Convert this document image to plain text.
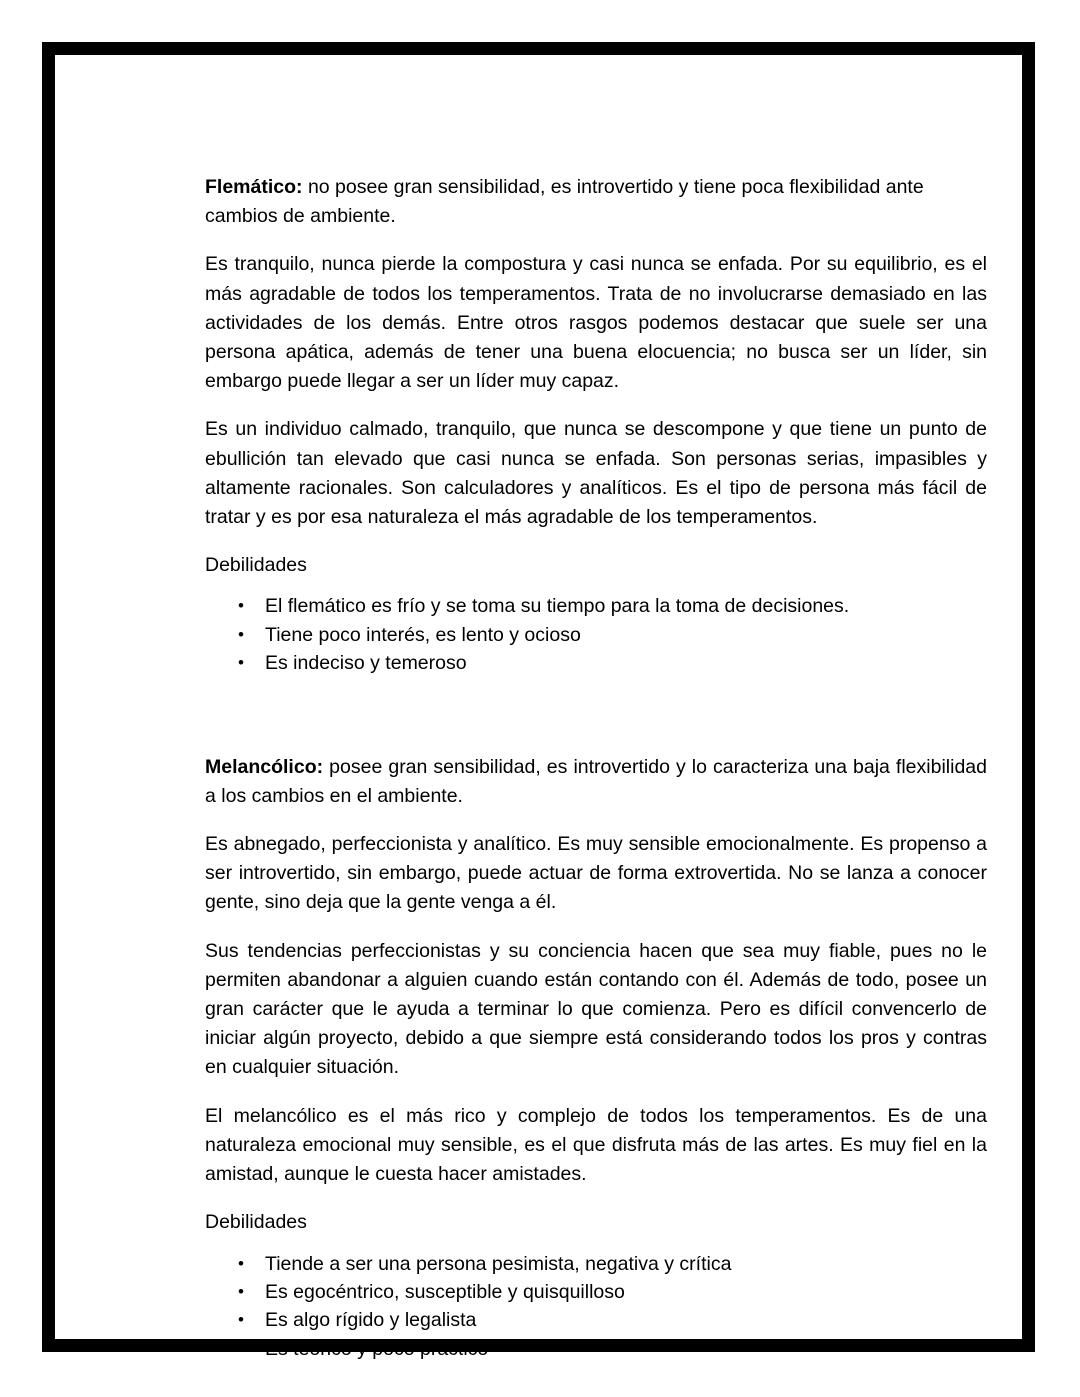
Flemático: no posee gran sensibilidad, es introvertido y tiene poca flexibilidad ante cambios de ambiente.

Es tranquilo, nunca pierde la compostura y casi nunca se enfada. Por su equilibrio, es el más agradable de todos los temperamentos. Trata de no involucrarse demasiado en las actividades de los demás. Entre otros rasgos podemos destacar que suele ser una persona apática, además de tener una buena elocuencia; no busca ser un líder, sin embargo puede llegar a ser un líder muy capaz.

Es un individuo calmado, tranquilo, que nunca se descompone y que tiene un punto de ebullición tan elevado que casi nunca se enfada. Son personas serias, impasibles y altamente racionales. Son calculadores y analíticos. Es el tipo de persona más fácil de tratar y es por esa naturaleza el más agradable de los temperamentos.

Debilidades

• El flemático es frío y se toma su tiempo para la toma de decisiones.
• Tiene poco interés, es lento y ocioso
• Es indeciso y temeroso

Melancólico: posee gran sensibilidad, es introvertido y lo caracteriza una baja flexibilidad a los cambios en el ambiente.

Es abnegado, perfeccionista y analítico. Es muy sensible emocionalmente. Es propenso a ser introvertido, sin embargo, puede actuar de forma extrovertida. No se lanza a conocer gente, sino deja que la gente venga a él.

Sus tendencias perfeccionistas y su conciencia hacen que sea muy fiable, pues no le permiten abandonar a alguien cuando están contando con él. Además de todo, posee un gran carácter que le ayuda a terminar lo que comienza. Pero es difícil convencerlo de iniciar algún proyecto, debido a que siempre está considerando todos los pros y contras en cualquier situación.

El melancólico es el más rico y complejo de todos los temperamentos. Es de una naturaleza emocional muy sensible, es el que disfruta más de las artes. Es muy fiel en la amistad, aunque le cuesta hacer amistades.

Debilidades

• Tiende a ser una persona pesimista, negativa y crítica
• Es egocéntrico, susceptible y quisquilloso
• Es algo rígido y legalista
• Es teórico y poco práctico
